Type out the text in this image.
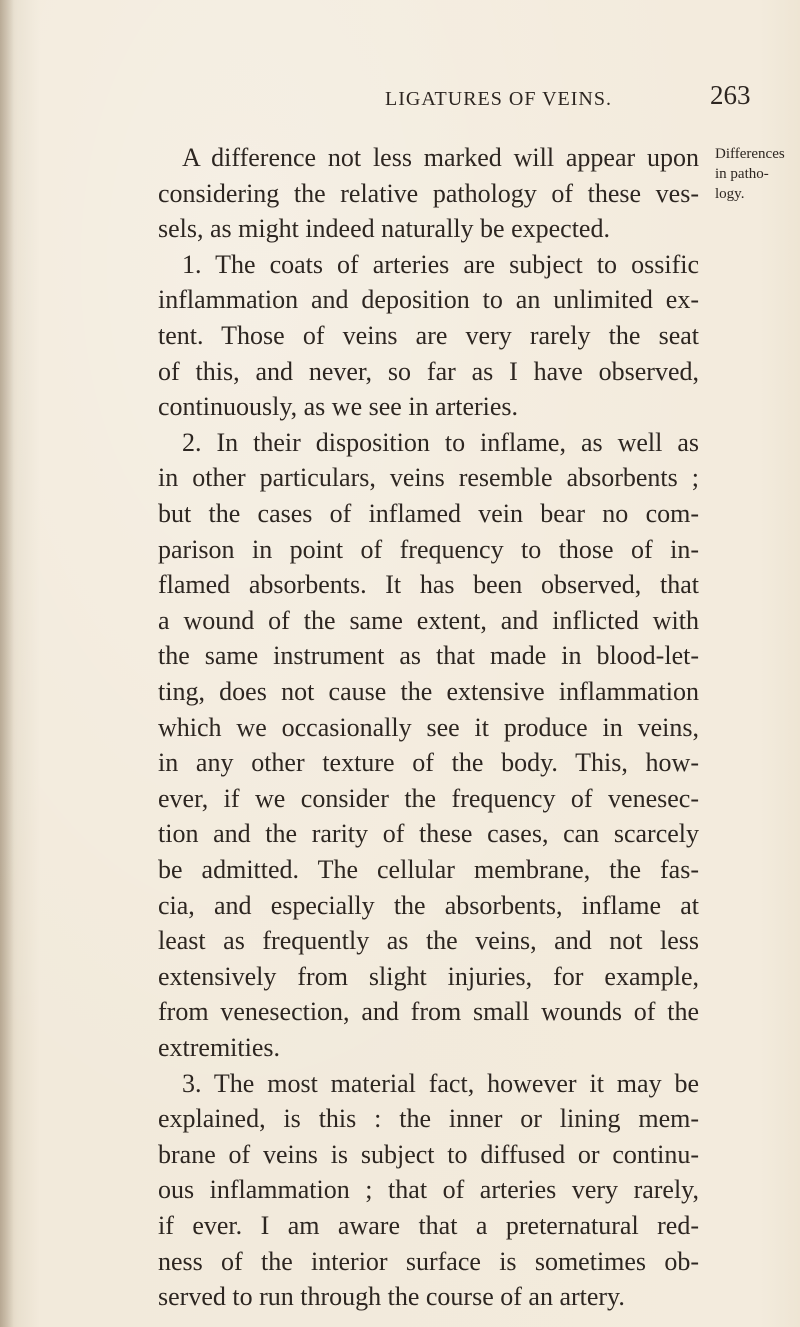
LIGATURES OF VEINS.	263
Differences
in patho-
logy.
A difference not less marked will appear upon
considering the relative pathology of these ves-
sels, as might indeed naturally be expected.
1. The coats of arteries are subject to ossific
inflammation and deposition to an unlimited ex-
tent. Those of veins are very rarely the seat
of this, and never, so far as I have observed,
continuously, as we see in arteries.
2. In their disposition to inflame, as well as
in other particulars, veins resemble absorbents ;
but the cases of inflamed vein bear no com-
parison in point of frequency to those of in-
flamed absorbents. It has been observed, that
a wound of the same extent, and inflicted with
the same instrument as that made in blood-let-
ting, does not cause the extensive inflammation
which we occasionally see it produce in veins,
in any other texture of the body. This, how-
ever, if we consider the frequency of venesec-
tion and the rarity of these cases, can scarcely
be admitted. The cellular membrane, the fas-
cia, and especially the absorbents, inflame at
least as frequently as the veins, and not less
extensively from slight injuries, for example,
from venesection, and from small wounds of the
extremities.
3. The most material fact, however it may be
explained, is this : the inner or lining mem-
brane of veins is subject to diffused or continu-
ous inflammation ; that of arteries very rarely,
if ever. I am aware that a preternatural red-
ness of the interior surface is sometimes ob-
served to run through the course of an artery.
